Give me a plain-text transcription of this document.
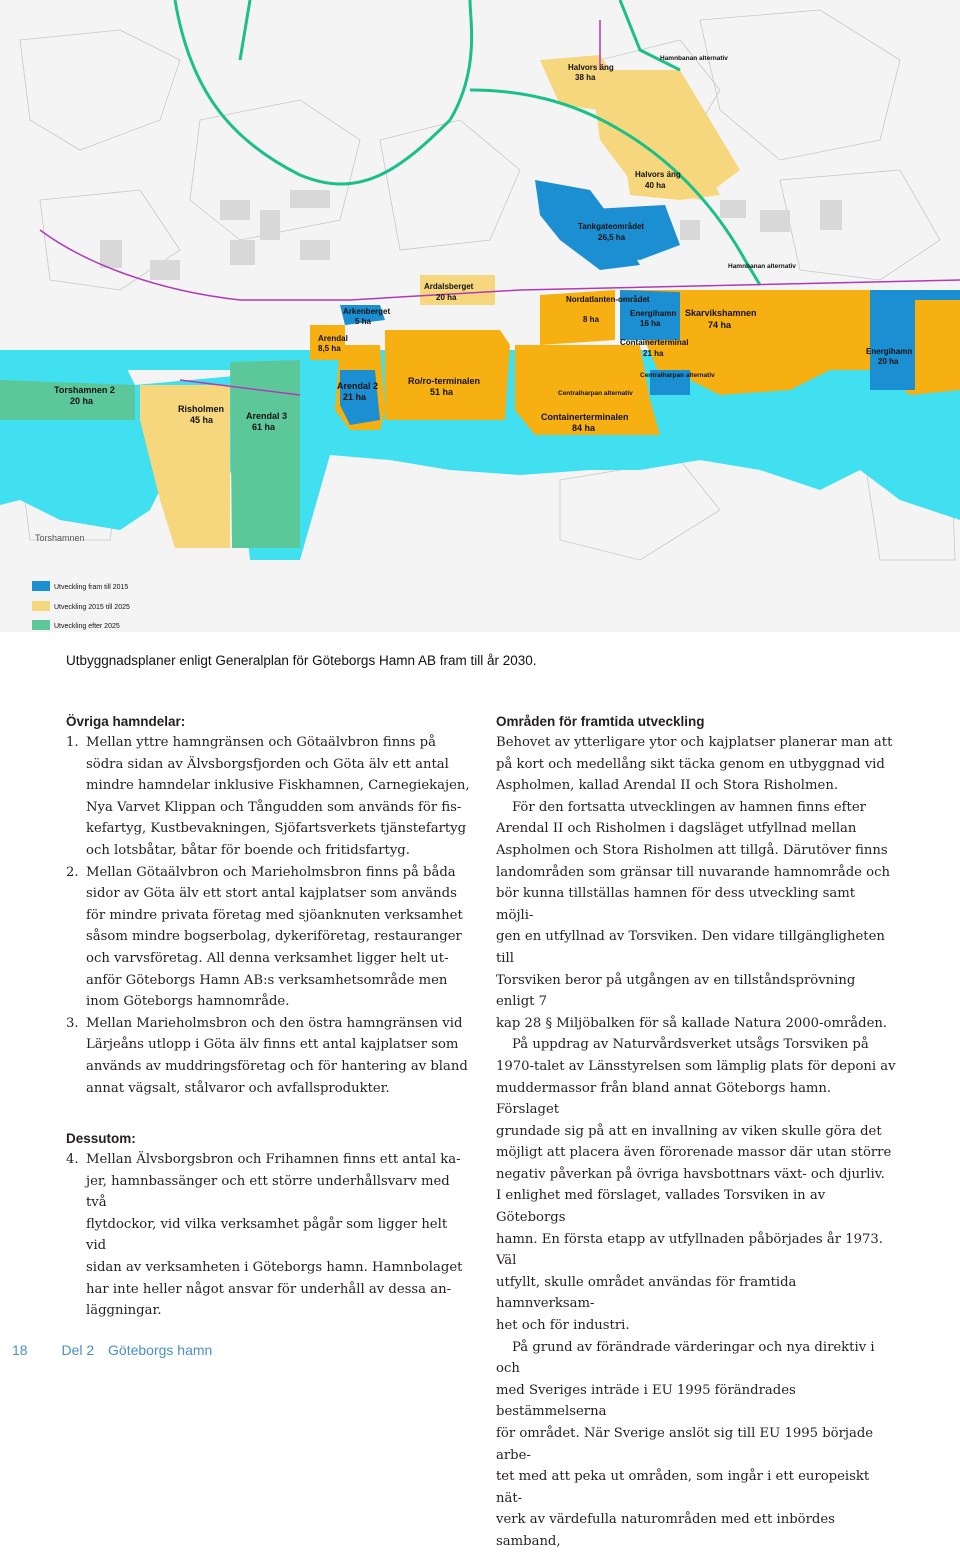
Halvors äng
38 ha
Halvors äng
40 ha
Tankgateområdet
26,5 ha
Ardalsberget
20 ha
Arkenberget
5 ha
Arendal
8,5 ha
Arendal 2
21 ha
Ro/ro-terminalen
51 ha
Nordatlanten-området
8 ha
Energihamn
16 ha
Skarvikshamnen
74 ha
Containerterminal
21 ha	Energihamn
20 ha
Torshamnen 2
20 ha
Risholmen
45 ha	Arendal 3
61 ha
Containerterminalen
84 ha
Hamnbanan alternativ
Hamnbanan alternativ
Centralharpan alternativ
Centralharpan alternativ
Torshamnen
Utveckling fram till 2015
Utveckling 2015 till 2025
Utveckling efter 2025
Utbyggnadsplaner enligt Generalplan för Göteborgs Hamn AB fram till år 2030.

Övriga hamndelar:

1. Mellan yttre hamngränsen och Götaälvbron finns på
södra sidan av Älvsborgsfjorden och Göta älv ett antal
mindre hamndelar inklusive Fiskhamnen, Carnegiekajen,
Nya Varvet Klippan och Tångudden som används för fis-
kefartyg, Kustbevakningen, Sjöfartsverkets tjänstefartyg
och lotsbåtar, båtar för boende och fritidsfartyg.
2. Mellan Götaälvbron och Marieholmsbron finns på båda
sidor av Göta älv ett stort antal kajplatser som används
för mindre privata företag med sjöanknuten verksamhet
såsom mindre bogserbolag, dykeriföretag, restauranger
och varvsföretag. All denna verksamhet ligger helt ut-
anför Göteborgs Hamn AB:s verksamhetsområde men
inom Göteborgs hamnområde.
3. Mellan Marieholmsbron och den östra hamngränsen vid
Lärjeåns utlopp i Göta älv finns ett antal kajplatser som
används av muddringsföretag och för hantering av bland
annat vägsalt, stålvaror och avfallsprodukter.

Dessutom:

4. Mellan Älvsborgsbron och Frihamnen finns ett antal ka-
jer, hamnbassänger och ett större underhållsvarv med två
flytdockor, vid vilka verksamhet pågår som ligger helt vid
sidan av verksamheten i Göteborgs hamn. Hamnbolaget
har inte heller något ansvar för underhåll av dessa an-
läggningar.

Områden för framtida utveckling

Behovet av ytterligare ytor och kajplatser planerar man att
på kort och medellång sikt täcka genom en utbyggnad vid
Aspholmen, kallad Arendal II och Stora Risholmen.
För den fortsatta utvecklingen av hamnen finns efter
Arendal II och Risholmen i dagsläget utfyllnad mellan
Aspholmen och Stora Risholmen att tillgå. Därutöver finns
landområden som gränsar till nuvarande hamnområde och
bör kunna tillställas hamnen för dess utveckling samt möjli-
gen en utfyllnad av Torsviken. Den vidare tillgängligheten till
Torsviken beror på utgången av en tillståndsprövning enligt 7
kap 28 § Miljöbalken för så kallade Natura 2000-områden.
På uppdrag av Naturvårdsverket utsågs Torsviken på
1970-talet av Länsstyrelsen som lämplig plats för deponi av
muddermassor från bland annat Göteborgs hamn. Förslaget
grundade sig på att en invallning av viken skulle göra det
möjligt att placera även förorenade massor där utan större
negativ påverkan på övriga havsbottnars växt- och djurliv.
I enlighet med förslaget, vallades Torsviken in av Göteborgs
hamn. En första etapp av utfyllnaden påbörjades år 1973. Väl
utfyllt, skulle området användas för framtida hamnverksam-
het och för industri.
På grund av förändrade värderingar och nya direktiv i och
med Sveriges inträde i EU 1995 förändrades bestämmelserna
för området. När Sverige anslöt sig till EU 1995 började arbe-
tet med att peka ut områden, som ingår i ett europeiskt nät-
verk av värdefulla naturområden med ett inbördes samband,
18 Del 2 Göteborgs hamn
